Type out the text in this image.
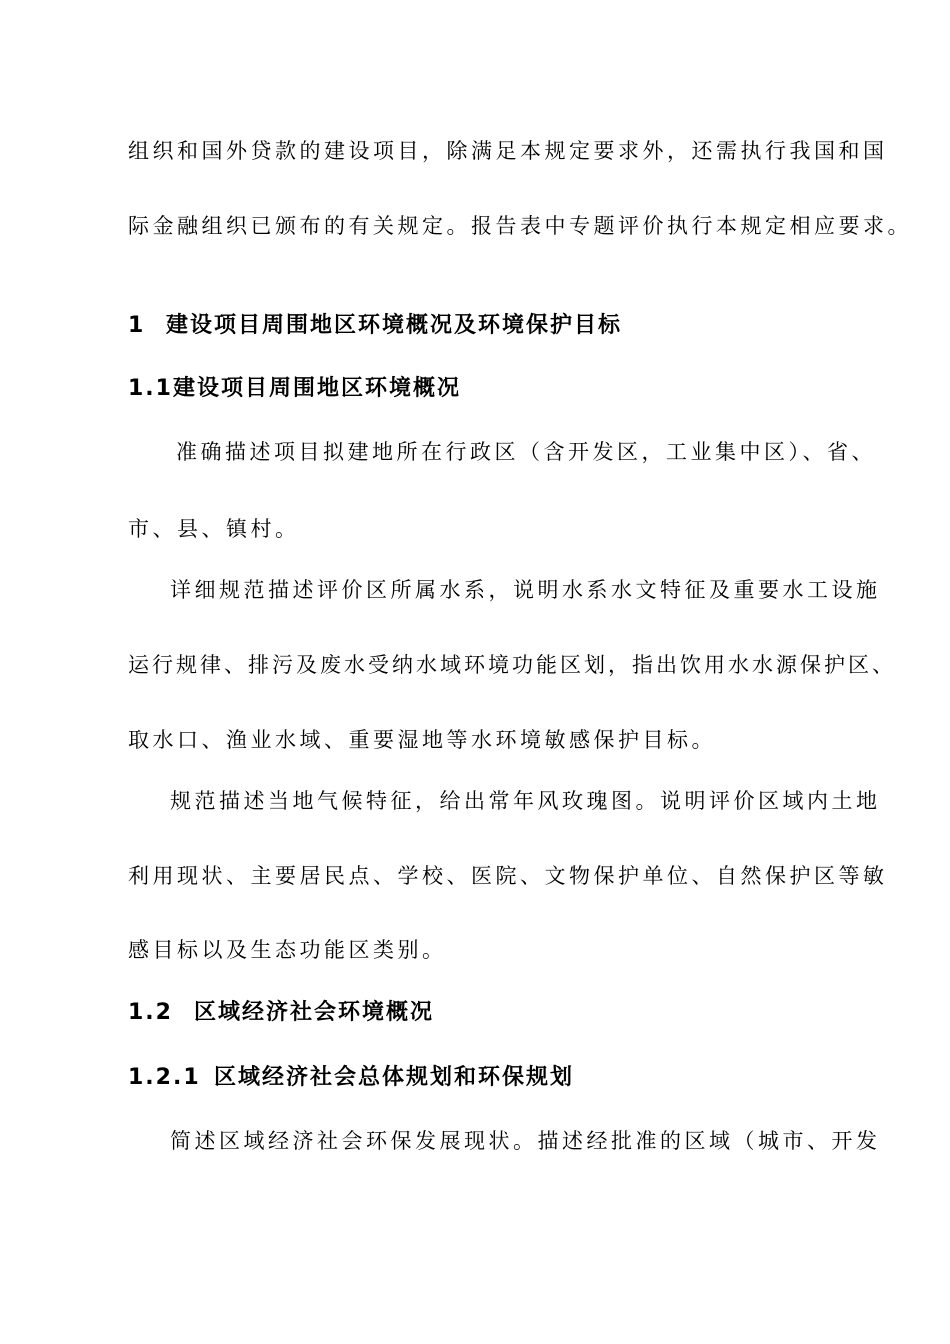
组织和国外贷款的建设项目，除满足本规定要求外，还需执行我国和国
际金融组织已颁布的有关规定。报告表中专题评价执行本规定相应要求。
1 建设项目周围地区环境概况及环境保护目标
1.1建设项目周围地区环境概况
准确描述项目拟建地所在行政区（含开发区，工业集中区）、省、
市、县、镇村。
详细规范描述评价区所属水系，说明水系水文特征及重要水工设施
运行规律、排污及废水受纳水域环境功能区划，指出饮用水水源保护区、
取水口、渔业水域、重要湿地等水环境敏感保护目标。
规范描述当地气候特征，给出常年风玫瑰图。说明评价区域内土地
利用现状、主要居民点、学校、医院、文物保护单位、自然保护区等敏
感目标以及生态功能区类别。
1.2 区域经济社会环境概况
1.2.1 区域经济社会总体规划和环保规划
简述区域经济社会环保发展现状。描述经批准的区域（城市、开发
